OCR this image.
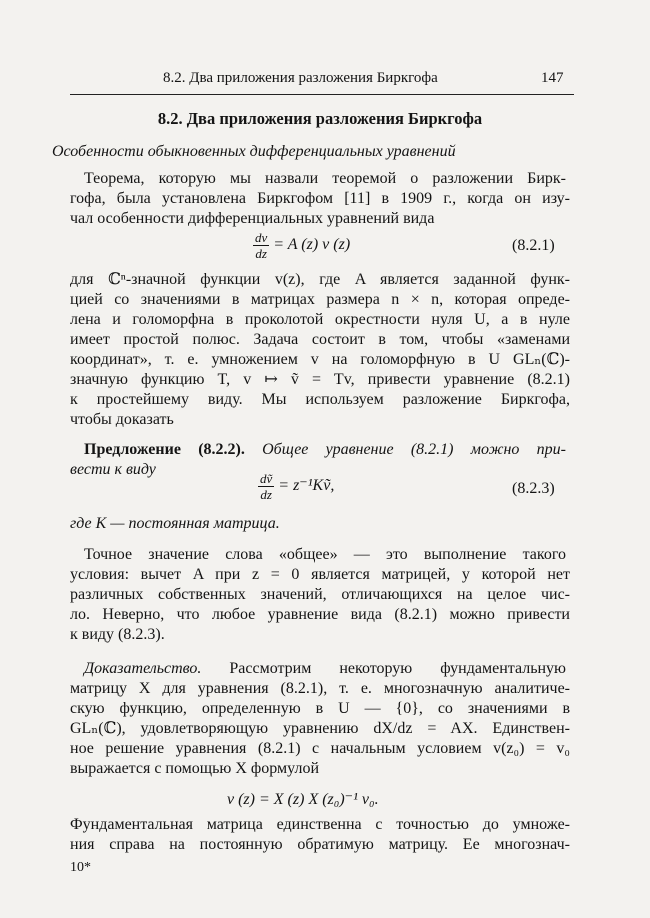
8.2. Два приложения разложения Биркгофа	147
8.2. Два приложения разложения Биркгофа
Особенности обыкновенных дифференциальных уравнений
Теорема, которую мы назвали теоремой о разложении Бирк-
гофа, была установлена Биркгофом [11] в 1909 г., когда он изу-
чал особенности дифференциальных уравнений вида
$\frac{dv}{dz} = A$ (z) v (z)	(8.2.1)
для ℂⁿ-значной функции v(z), где A является заданной функ-
цией со значениями в матрицах размера n × n, которая опреде-
лена и голоморфна в проколотой окрестности нуля U, а в нуле
имеет простой полюс. Задача состоит в том, чтобы «заменами
координат», т. е. умножением v на голоморфную в U GLₙ(ℂ)-
значную функцию T, v ↦ ṽ = Tv, привести уравнение (8.2.1)
к простейшему виду. Мы используем разложение Биркгофа,
чтобы доказать
Предложение (8.2.2). Общее уравнение (8.2.1) можно при-
вести к виду
$\frac{\text{dṽ}}{dz}$ = z⁻¹Kṽ,	(8.2.3)
где K — постоянная матрица.
Точное значение слова «общее» — это выполнение такого
условия: вычет A при z = 0 является матрицей, у которой нет
различных собственных значений, отличающихся на целое чис-
ло. Неверно, что любое уравнение вида (8.2.1) можно привести
к виду (8.2.3).
Доказательство. Рассмотрим некоторую фундаментальную
матрицу X для уравнения (8.2.1), т. е. многозначную аналитиче-
скую функцию, определенную в U — {0}, со значениями в
GLₙ(ℂ), удовлетворяющую уравнению dX/dz = AX. Единствен-
ное решение уравнения (8.2.1) с начальным условием v(z₀) = v₀
выражается с помощью X формулой
v (z) = X (z) X (z₀)⁻¹ v₀.
Фундаментальная матрица единственна с точностью до умноже-
ния справа на постоянную обратимую матрицу. Ее многознач-
10*
